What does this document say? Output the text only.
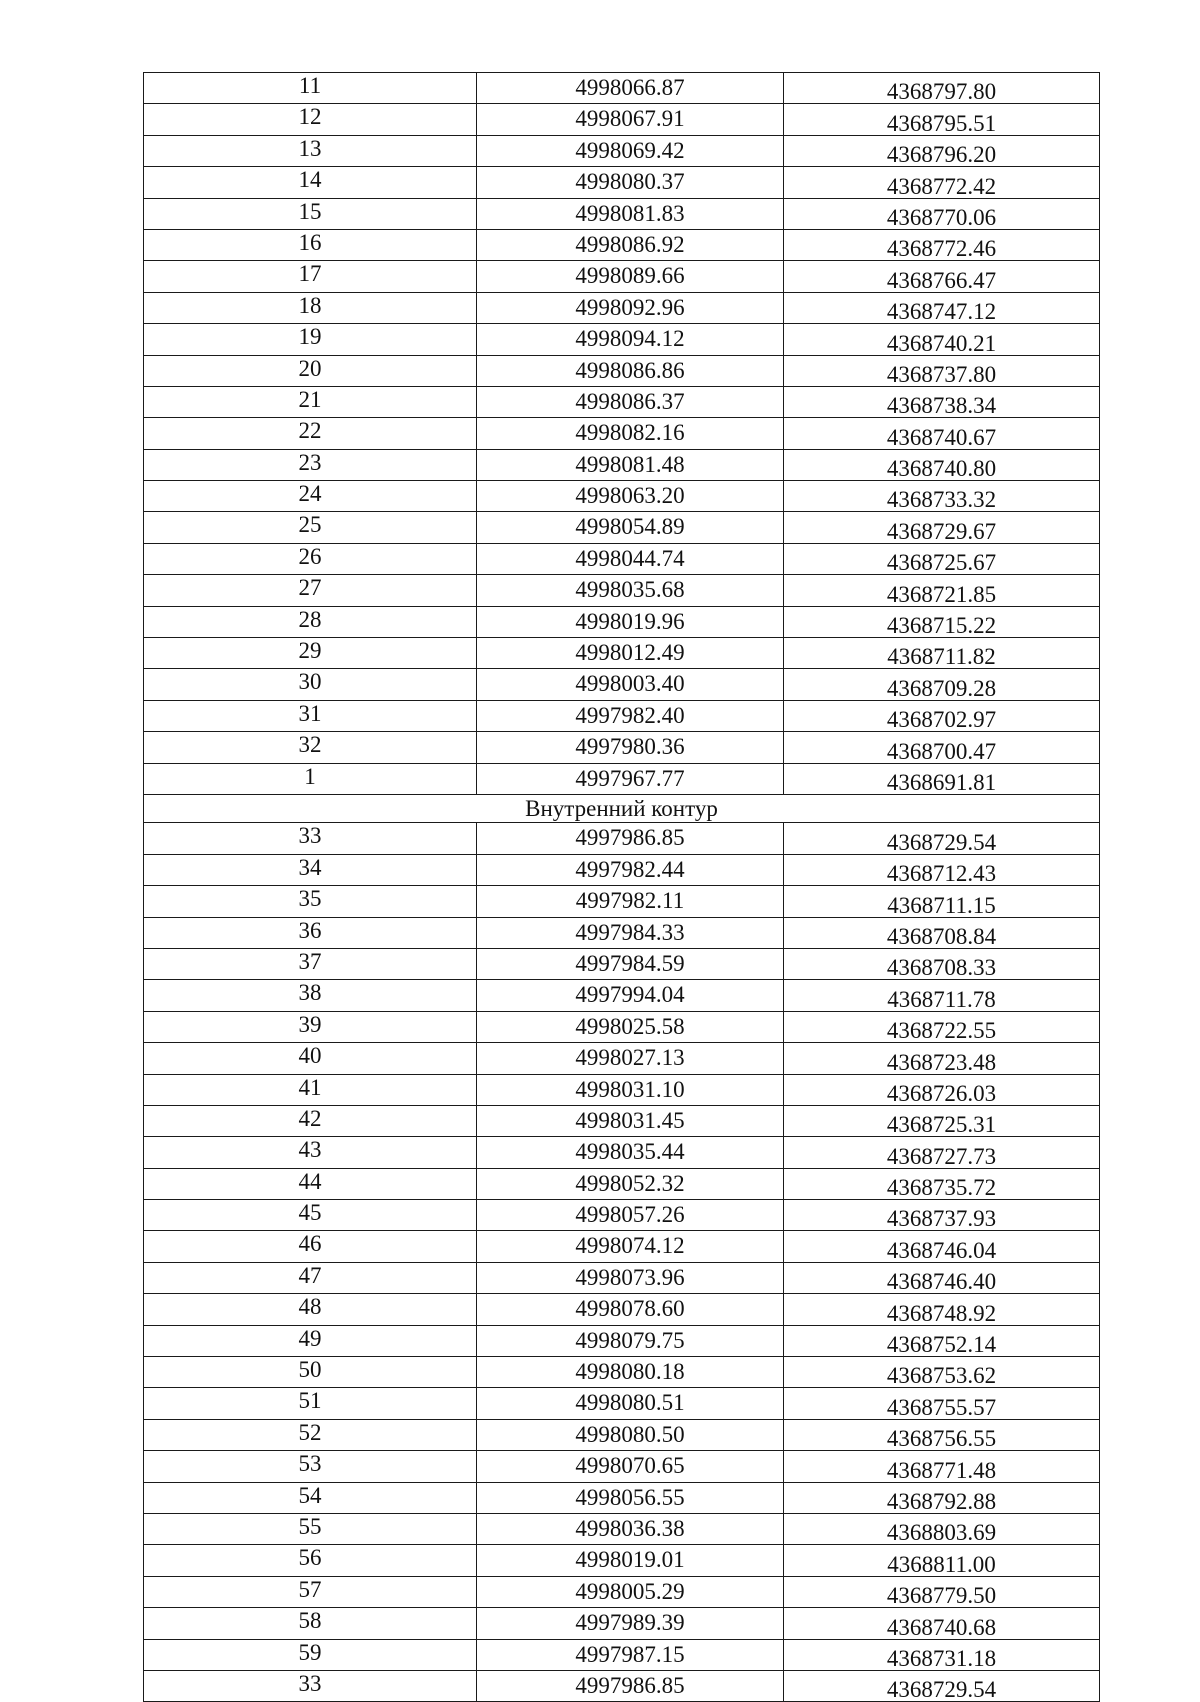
11	4998066.87	4368797.80
12	4998067.91	4368795.51
13	4998069.42	4368796.20
14	4998080.37	4368772.42
15	4998081.83	4368770.06
16	4998086.92	4368772.46
17	4998089.66	4368766.47
18	4998092.96	4368747.12
19	4998094.12	4368740.21
20	4998086.86	4368737.80
21	4998086.37	4368738.34
22	4998082.16	4368740.67
23	4998081.48	4368740.80
24	4998063.20	4368733.32
25	4998054.89	4368729.67
26	4998044.74	4368725.67
27	4998035.68	4368721.85
28	4998019.96	4368715.22
29	4998012.49	4368711.82
30	4998003.40	4368709.28
31	4997982.40	4368702.97
32	4997980.36	4368700.47
1	4997967.77	4368691.81
Внутренний контур		
33	4997986.85	4368729.54
34	4997982.44	4368712.43
35	4997982.11	4368711.15
36	4997984.33	4368708.84
37	4997984.59	4368708.33
38	4997994.04	4368711.78
39	4998025.58	4368722.55
40	4998027.13	4368723.48
41	4998031.10	4368726.03
42	4998031.45	4368725.31
43	4998035.44	4368727.73
44	4998052.32	4368735.72
45	4998057.26	4368737.93
46	4998074.12	4368746.04
47	4998073.96	4368746.40
48	4998078.60	4368748.92
49	4998079.75	4368752.14
50	4998080.18	4368753.62
51	4998080.51	4368755.57
52	4998080.50	4368756.55
53	4998070.65	4368771.48
54	4998056.55	4368792.88
55	4998036.38	4368803.69
56	4998019.01	4368811.00
57	4998005.29	4368779.50
58	4997989.39	4368740.68
59	4997987.15	4368731.18
33	4997986.85	4368729.54
